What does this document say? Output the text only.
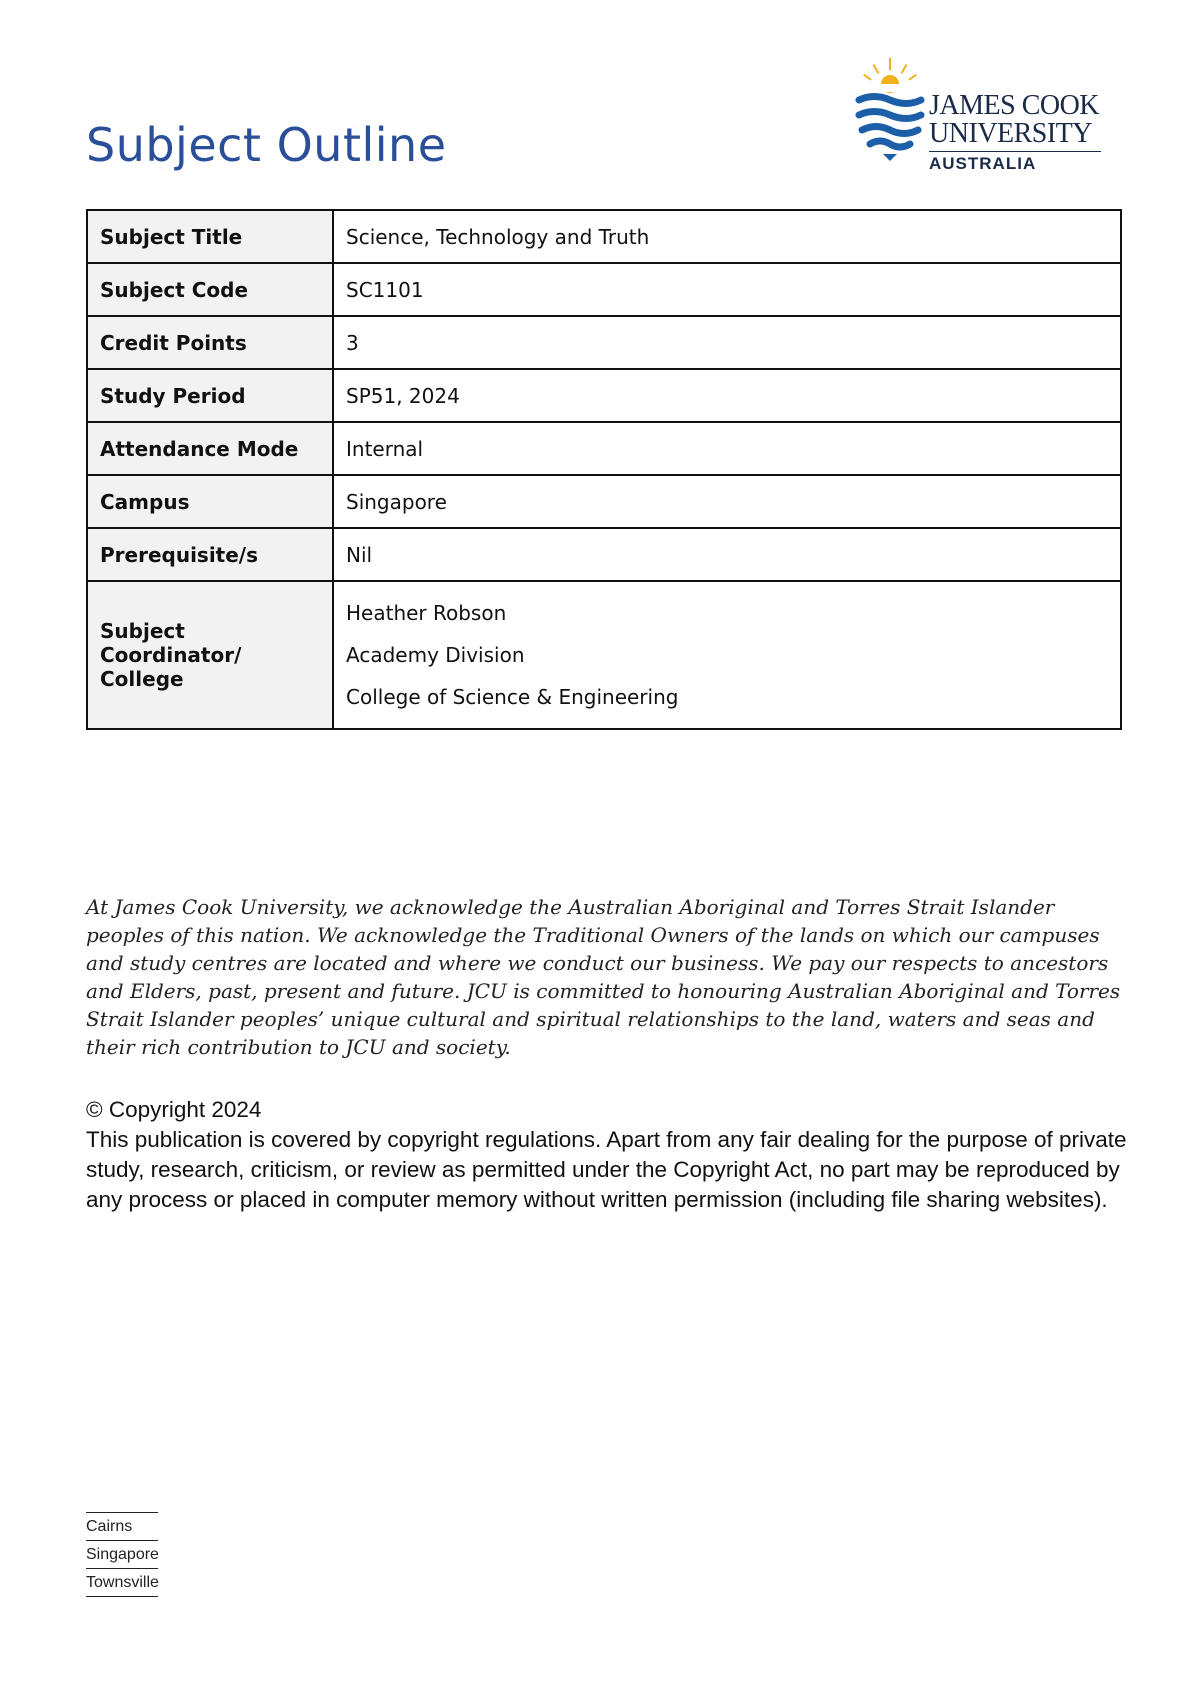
Subject Outline
JAMES COOK
UNIVERSITY
AUSTRALIA
Subject Title	Science, Technology and Truth
Subject Code	SC1101
Credit Points	3
Study Period	SP51, 2024
Attendance Mode	Internal
Campus	Singapore
Prerequisite/s	Nil
Subject Coordinator/ College	Heather Robson
Academy Division
College of Science & Engineering
At James Cook University, we acknowledge the Australian Aboriginal and Torres Strait Islander peoples of this nation. We acknowledge the Traditional Owners of the lands on which our campuses and study centres are located and where we conduct our business. We pay our respects to ancestors and Elders, past, present and future. JCU is committed to honouring Australian Aboriginal and Torres Strait Islander peoples’ unique cultural and spiritual relationships to the land, waters and seas and their rich contribution to JCU and society.
© Copyright 2024
This publication is covered by copyright regulations. Apart from any fair dealing for the purpose of private study, research, criticism, or review as permitted under the Copyright Act, no part may be reproduced by any process or placed in computer memory without written permission (including file sharing websites).
Cairns
Singapore
Townsville
